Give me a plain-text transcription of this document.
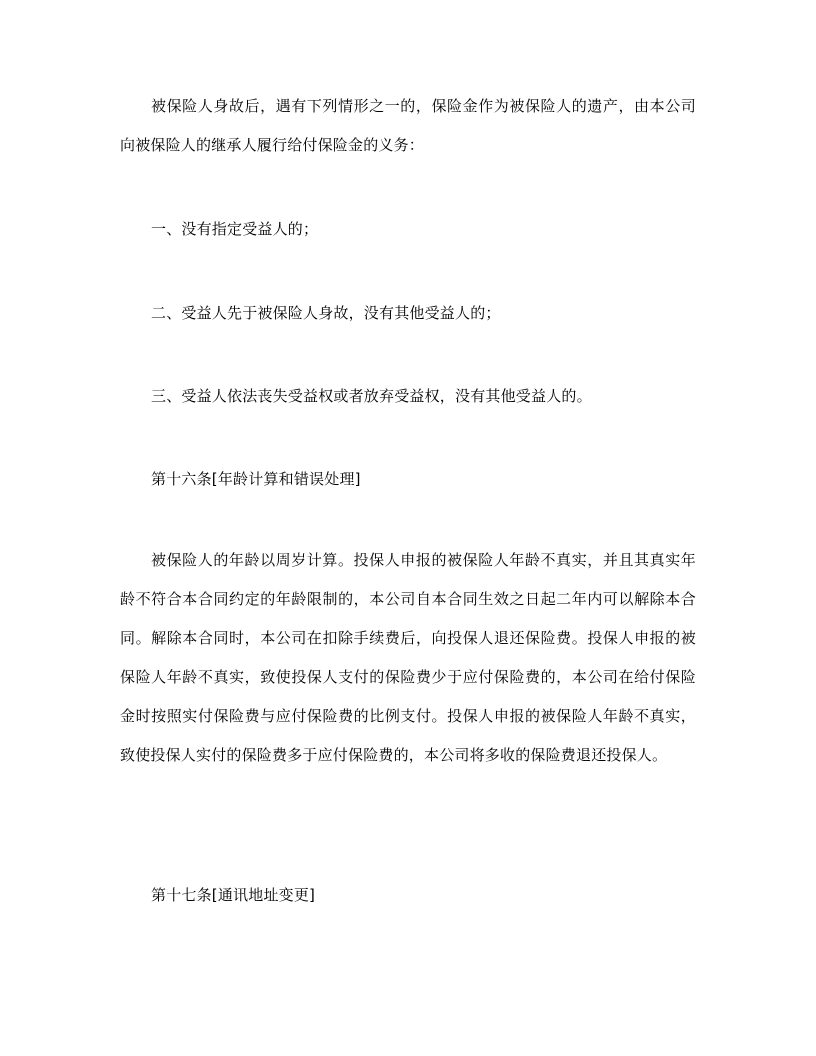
被保险人身故后，遇有下列情形之一的，保险金作为被保险人的遗产，由本公司向被保险人的继承人履行给付保险金的义务：

一、没有指定受益人的；

二、受益人先于被保险人身故，没有其他受益人的；

三、受益人依法丧失受益权或者放弃受益权，没有其他受益人的。

第十六条[年龄计算和错误处理]

被保险人的年龄以周岁计算。投保人申报的被保险人年龄不真实，并且其真实年龄不符合本合同约定的年龄限制的，本公司自本合同生效之日起二年内可以解除本合同。解除本合同时，本公司在扣除手续费后，向投保人退还保险费。投保人申报的被保险人年龄不真实，致使投保人支付的保险费少于应付保险费的，本公司在给付保险金时按照实付保险费与应付保险费的比例支付。投保人申报的被保险人年龄不真实，致使投保人实付的保险费多于应付保险费的，本公司将多收的保险费退还投保人。

第十七条[通讯地址变更]
